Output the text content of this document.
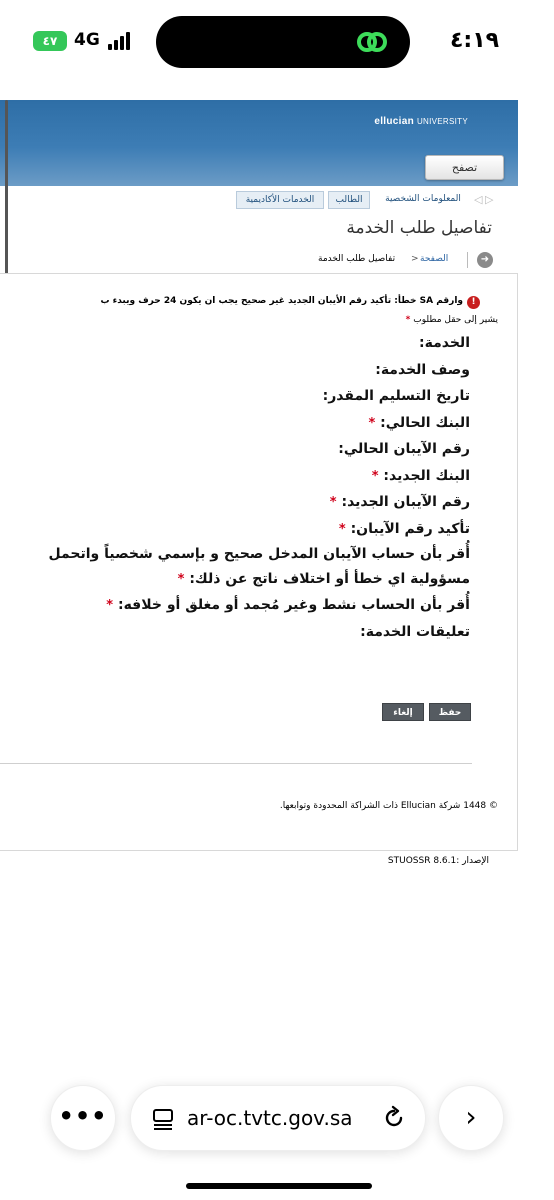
٤٧ 4G	٤:١٩
ellucian UNIVERSITY
تصفح
◁ ▷
المعلومات الشخصية
الطالب
الخدمات الأكاديمية
تفاصيل طلب الخدمة
➜
الصفحة
>
تفاصيل طلب الخدمة
!
خطأ: تأكيد رقم الأيبان الجديد غير صحيح يجب ان يكون 24 حرف ويبدء ب SA وارقم
* يشير إلى حقل مطلوب
الخدمة:
وصف الخدمة:
تاريخ التسليم المقدر:
البنك الحالي: *
رقم الآيبان الحالي:
البنك الجديد: *
رقم الآيبان الجديد: *
تأكيد رقم الآيبان: *
أُقر بأن حساب الآيبان المدخل صحيح و بإسمي شخصياً واتحمل مسؤولية اي خطأ أو اختلاف ناتج عن ذلك: *
أُقر بأن الحساب نشط وغير مُجمد أو مغلق أو خلافه: *
تعليقات الخدمة:
حفظ
إلغاء
© 1448 شركة Ellucian ذات الشراكة المحدودة وتوابعها.
الإصدار :STUOSSR 8.6.1
•••	ar-oc.tvtc.gov.sa	›
